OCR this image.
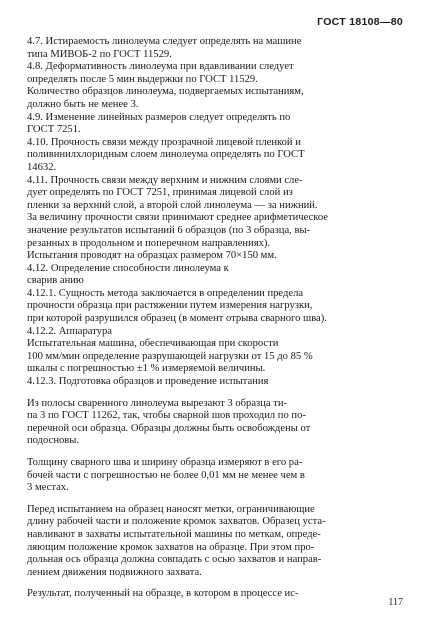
ГОСТ 18108—80
4.7. Истираемость линолеума следует определять на машине
типа МИВОБ-2 по ГОСТ 11529.
4.8. Деформативность линолеума при вдавливании следует
определять после 5 мин выдержки по ГОСТ 11529.
Количество образцов линолеума, подвергаемых испытаниям,
должно быть не менее 3.
4.9. Изменение линейных размеров следует определять по
ГОСТ 7251.
4.10. Прочность связи между прозрачной лицевой пленкой и
поливинилхлоридным слоем линолеума определять по ГОСТ
14632.
4.11. Прочность связи между верхним и нижним слоями сле-
дует определять по ГОСТ 7251, принимая лицевой слой из
пленки за верхний слой, а второй слой линолеума — за нижний.
За величину прочности связи принимают среднее арифметическое
значение результатов испытаний 6 образцов (по 3 образца, вы-
резанных в продольном и поперечном направлениях).
Испытания проводят на образцах размером 70×150 мм.
4.12. Определение способности линолеума к
сварив анию
4.12.1. Сущность метода заключается в определении предела
прочности образца при растяжении путем измерения нагрузки,
при которой разрушился образец (в момент отрыва сварного шва).
4.12.2. Аппаратура
Испытательная машина, обеспечивающая при скорости
100 мм/мин определение разрушающей нагрузки от 15 до 85 %
шкалы с погрешностью ±1 % измеряемой величины.
4.12.3. Подготовка образцов и проведение испытания
Из полосы сваренного линолеума вырезают 3 образца ти-
па 3 по ГОСТ 11262, так, чтобы сварной шов проходил по по-
перечной оси образца. Образцы должны быть освобождены от
подосновы.
Толщину сварного шва и ширину образца измеряют в его ра-
бочей части с погрешностью не более 0,01 мм не менее чем в
3 местах.
Перед испытанием на образец наносят метки, ограничивающие
длину рабочей части и положение кромок захватов. Образец уста-
навливают в захваты испытательной машины по меткам, опреде-
ляющим положение кромок захватов на образце. При этом про-
дольная ось образца должна совпадать с осью захватов и направ-
лением движения подвижного захвата.
Результат, полученный на образце, в котором в процессе ис-
117
